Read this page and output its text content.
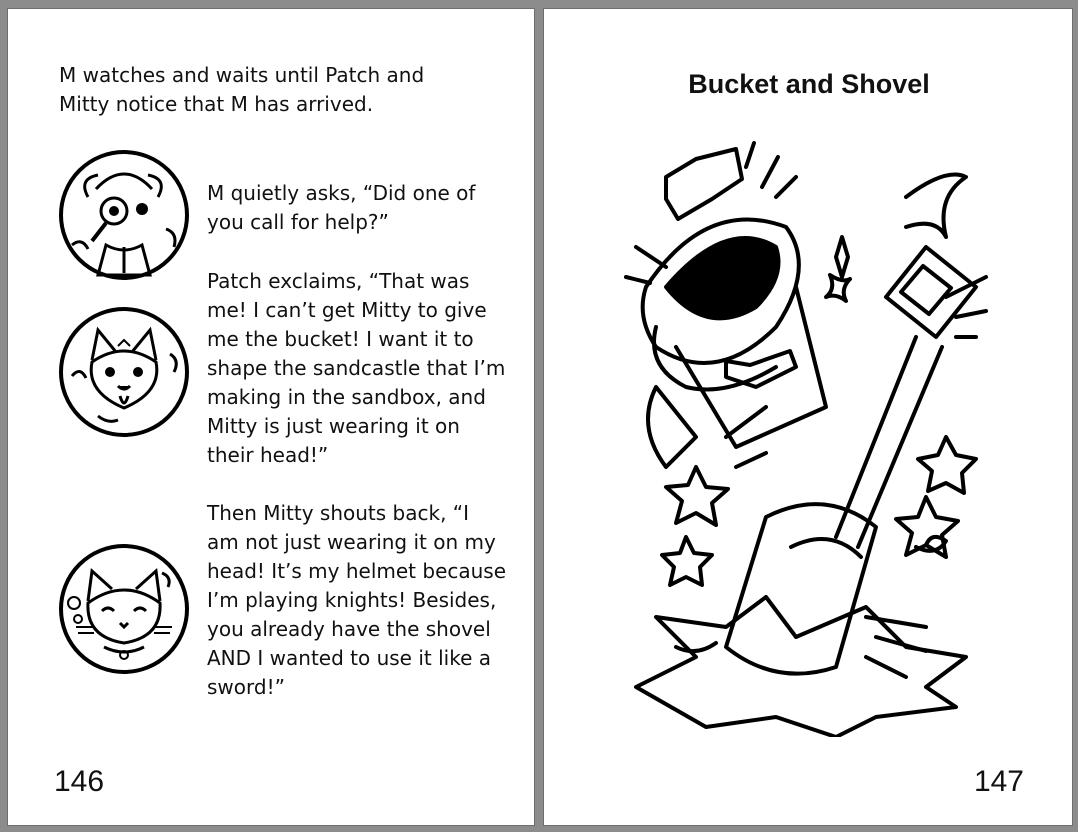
M watches and waits until Patch and Mitty notice that M has arrived.
M quietly asks, “Did one of you call for help?”
Patch exclaims, “That was me! I can’t get Mitty to give me the bucket! I want it to shape the sandcastle that I’m making in the sandbox, and Mitty is just wearing it on their head!”
Then Mitty shouts back, “I am not just wearing it on my head! It’s my helmet because I’m playing knights! Besides, you already have the shovel AND I wanted to use it like a sword!”
146
Bucket and Shovel
147
